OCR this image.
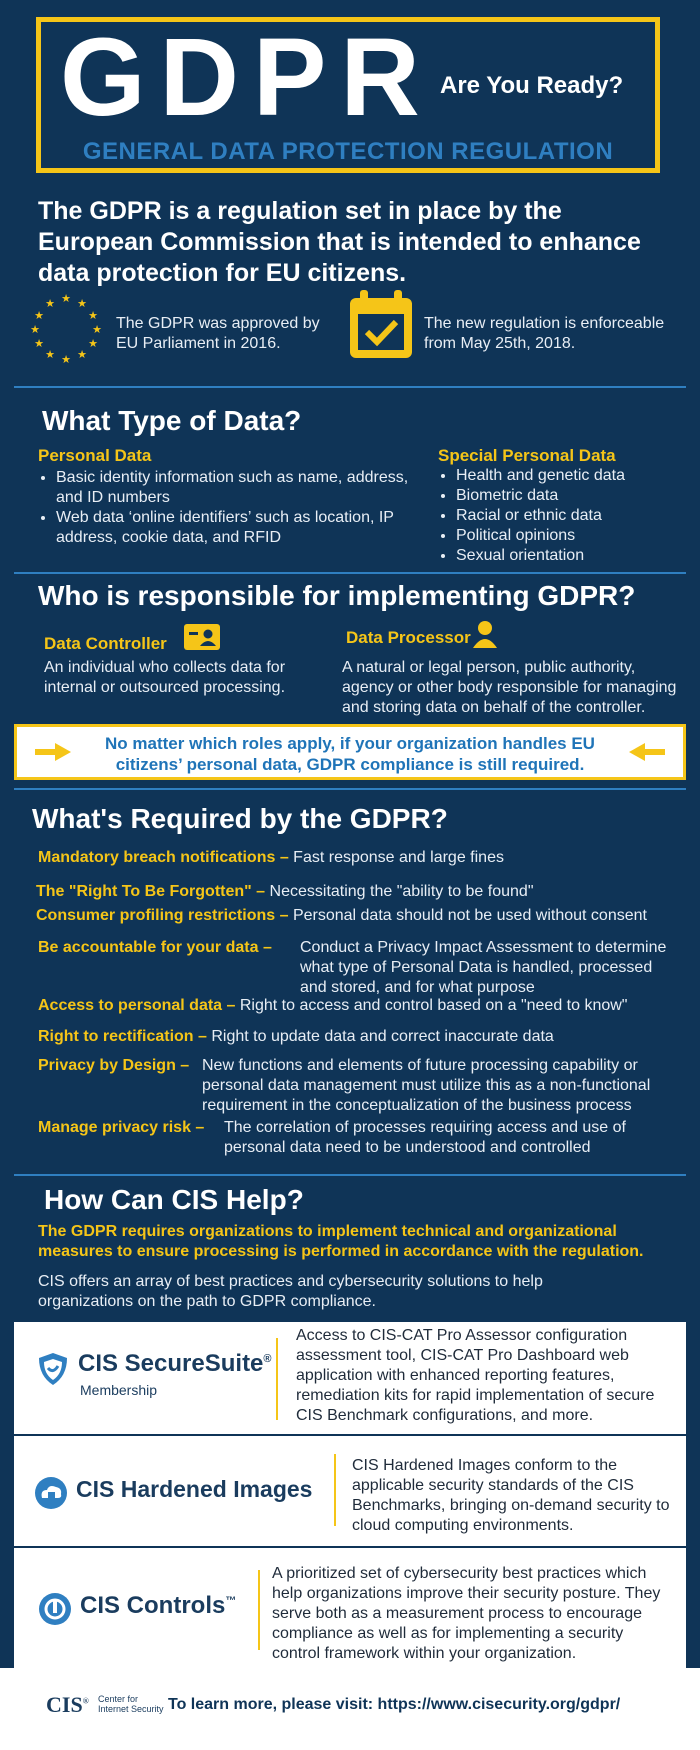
GDPR Are You Ready?
GENERAL DATA PROTECTION REGULATION
The GDPR is a regulation set in place by the European Commission that is intended to enhance data protection for EU citizens.
★ ★
★
★
★
★
★
★
★
★
★
★
The GDPR was approved by EU Parliament in 2016.
The new regulation is enforceable from May 25th, 2018.
What Type of Data?
Personal Data
• Basic identity information such as name, address, and ID numbers
• Web data ‘online identifiers’ such as location, IP address, cookie data, and RFID
Special Personal Data
• Health and genetic data
• Biometric data
• Racial or ethnic data
• Political opinions
• Sexual orientation
Who is responsible for implementing GDPR?
Data Controller
An individual who collects data for internal or outsourced processing.
Data Processor
A natural or legal person, public authority, agency or other body responsible for managing and storing data on behalf of the controller.
No matter which roles apply, if your organization handles EU citizens’ personal data, GDPR compliance is still required.
What's Required by the GDPR?
Mandatory breach notifications – Fast response and large fines
The "Right To Be Forgotten" – Necessitating the "ability to be found"
Consumer profiling restrictions – Personal data should not be used without consent
Be accountable for your data – Conduct a Privacy Impact Assessment to determine what type of Personal Data is handled, processed and stored, and for what purpose
Access to personal data – Right to access and control based on a "need to know"
Right to rectification – Right to update data and correct inaccurate data
Privacy by Design – New functions and elements of future processing capability or personal data management must utilize this as a non-functional requirement in the conceptualization of the business process
Manage privacy risk – The correlation of processes requiring access and use of personal data need to be understood and controlled
How Can CIS Help?
The GDPR requires organizations to implement technical and organizational measures to ensure processing is performed in accordance with the regulation.
CIS offers an array of best practices and cybersecurity solutions to help organizations on the path to GDPR compliance.
CIS SecureSuite®
Membership
Access to CIS-CAT Pro Assessor configuration assessment tool, CIS-CAT Pro Dashboard web application with enhanced reporting features, remediation kits for rapid implementation of secure CIS Benchmark configurations, and more.
CIS Hardened Images
CIS Hardened Images conform to the applicable security standards of the CIS Benchmarks, bringing on-demand security to cloud computing environments.
CIS Controls™
A prioritized set of cybersecurity best practices which help organizations improve their security posture. They serve both as a measurement process to encourage compliance as well as for implementing a security control framework within your organization.
CIS® Center for
Internet Security To learn more, please visit: https://www.cisecurity.org/gdpr/
